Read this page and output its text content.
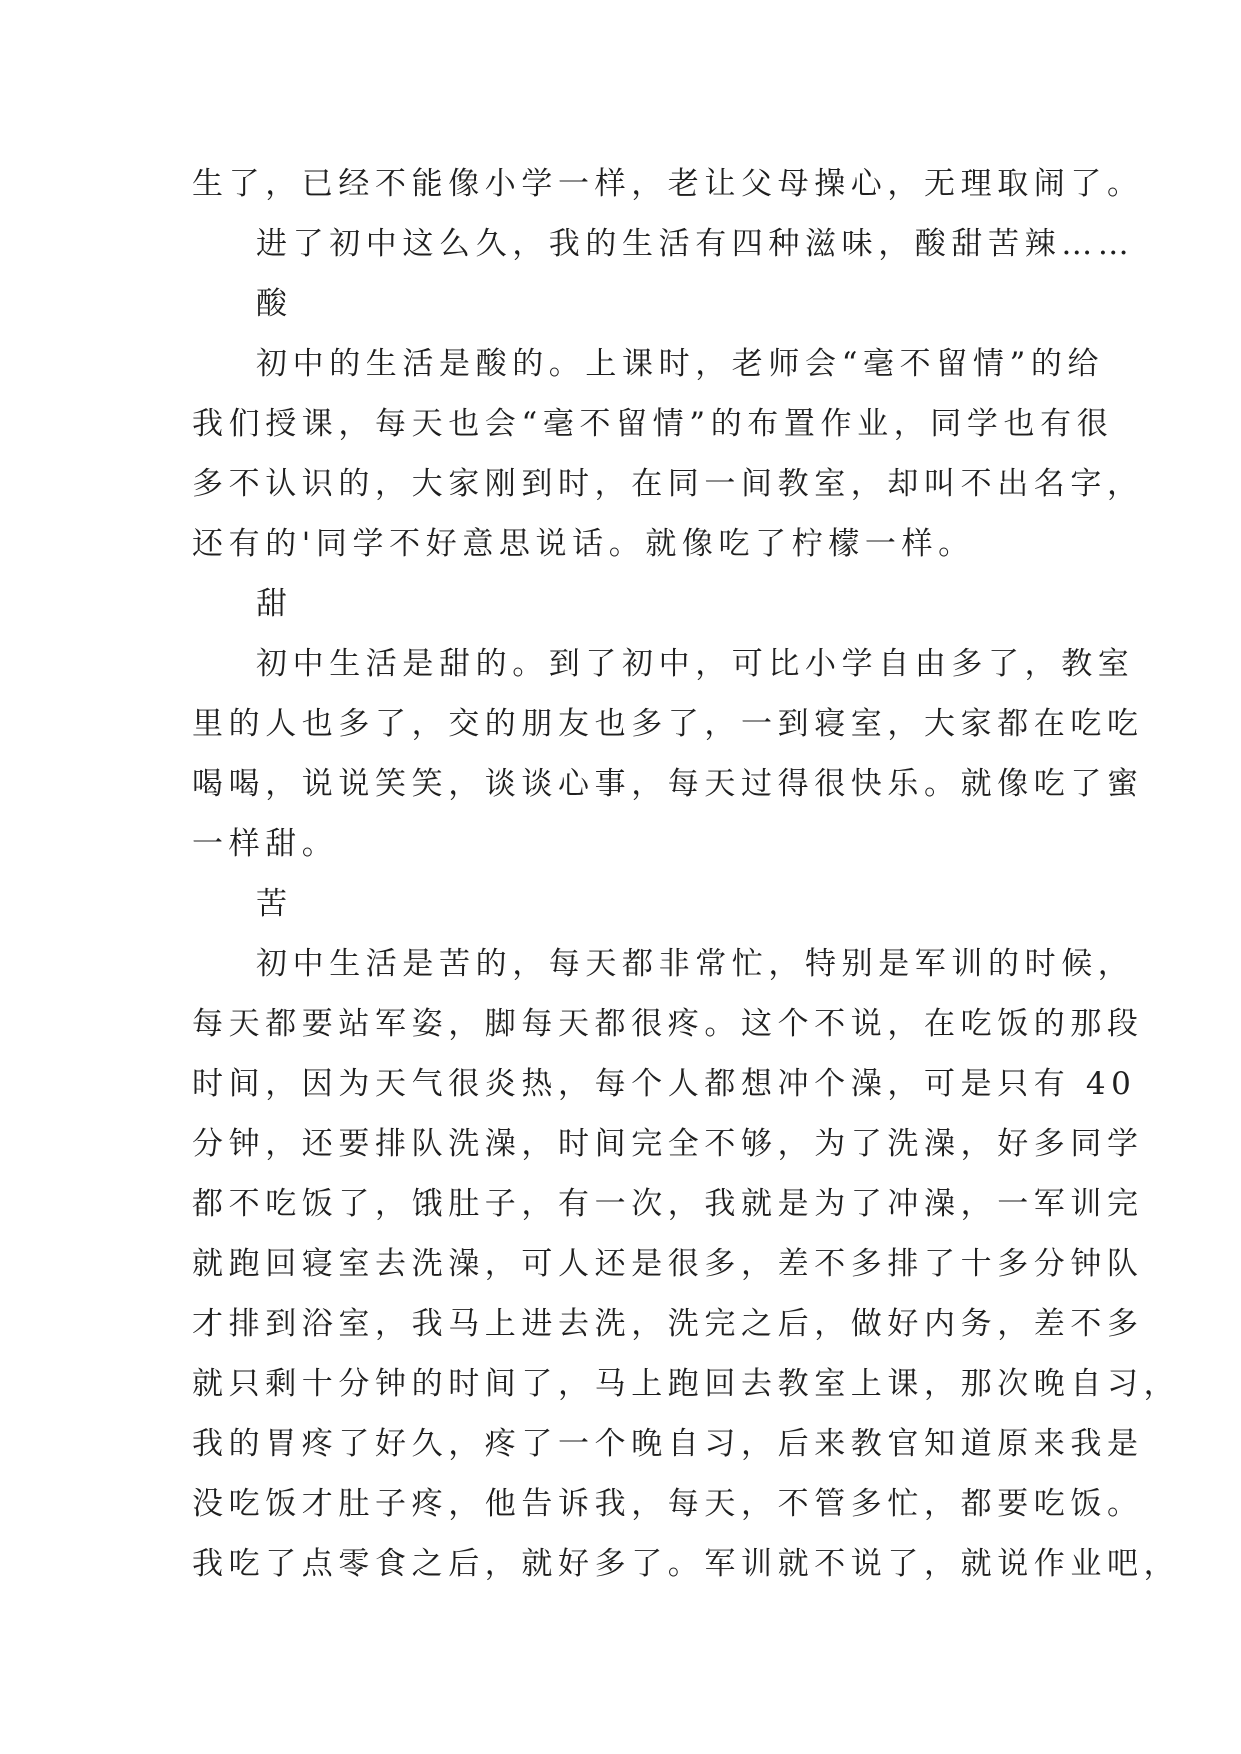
生了，已经不能像小学一样，老让父母操心，无理取闹了。

进了初中这么久，我的生活有四种滋味，酸甜苦辣……

酸

初中的生活是酸的。上课时，老师会“毫不留情”的给

我们授课，每天也会“毫不留情”的布置作业，同学也有很

多不认识的，大家刚到时，在同一间教室，却叫不出名字，

还有的'同学不好意思说话。就像吃了柠檬一样。

甜

初中生活是甜的。到了初中，可比小学自由多了，教室

里的人也多了，交的朋友也多了，一到寝室，大家都在吃吃

喝喝，说说笑笑，谈谈心事，每天过得很快乐。就像吃了蜜

一样甜。

苦

初中生活是苦的，每天都非常忙，特别是军训的时候，

每天都要站军姿，脚每天都很疼。这个不说，在吃饭的那段

时间，因为天气很炎热，每个人都想冲个澡，可是只有 40

分钟，还要排队洗澡，时间完全不够，为了洗澡，好多同学

都不吃饭了，饿肚子，有一次，我就是为了冲澡，一军训完

就跑回寝室去洗澡，可人还是很多，差不多排了十多分钟队

才排到浴室，我马上进去洗，洗完之后，做好内务，差不多

就只剩十分钟的时间了，马上跑回去教室上课，那次晚自习，

我的胃疼了好久，疼了一个晚自习，后来教官知道原来我是

没吃饭才肚子疼，他告诉我，每天，不管多忙，都要吃饭。

我吃了点零食之后，就好多了。军训就不说了，就说作业吧，
